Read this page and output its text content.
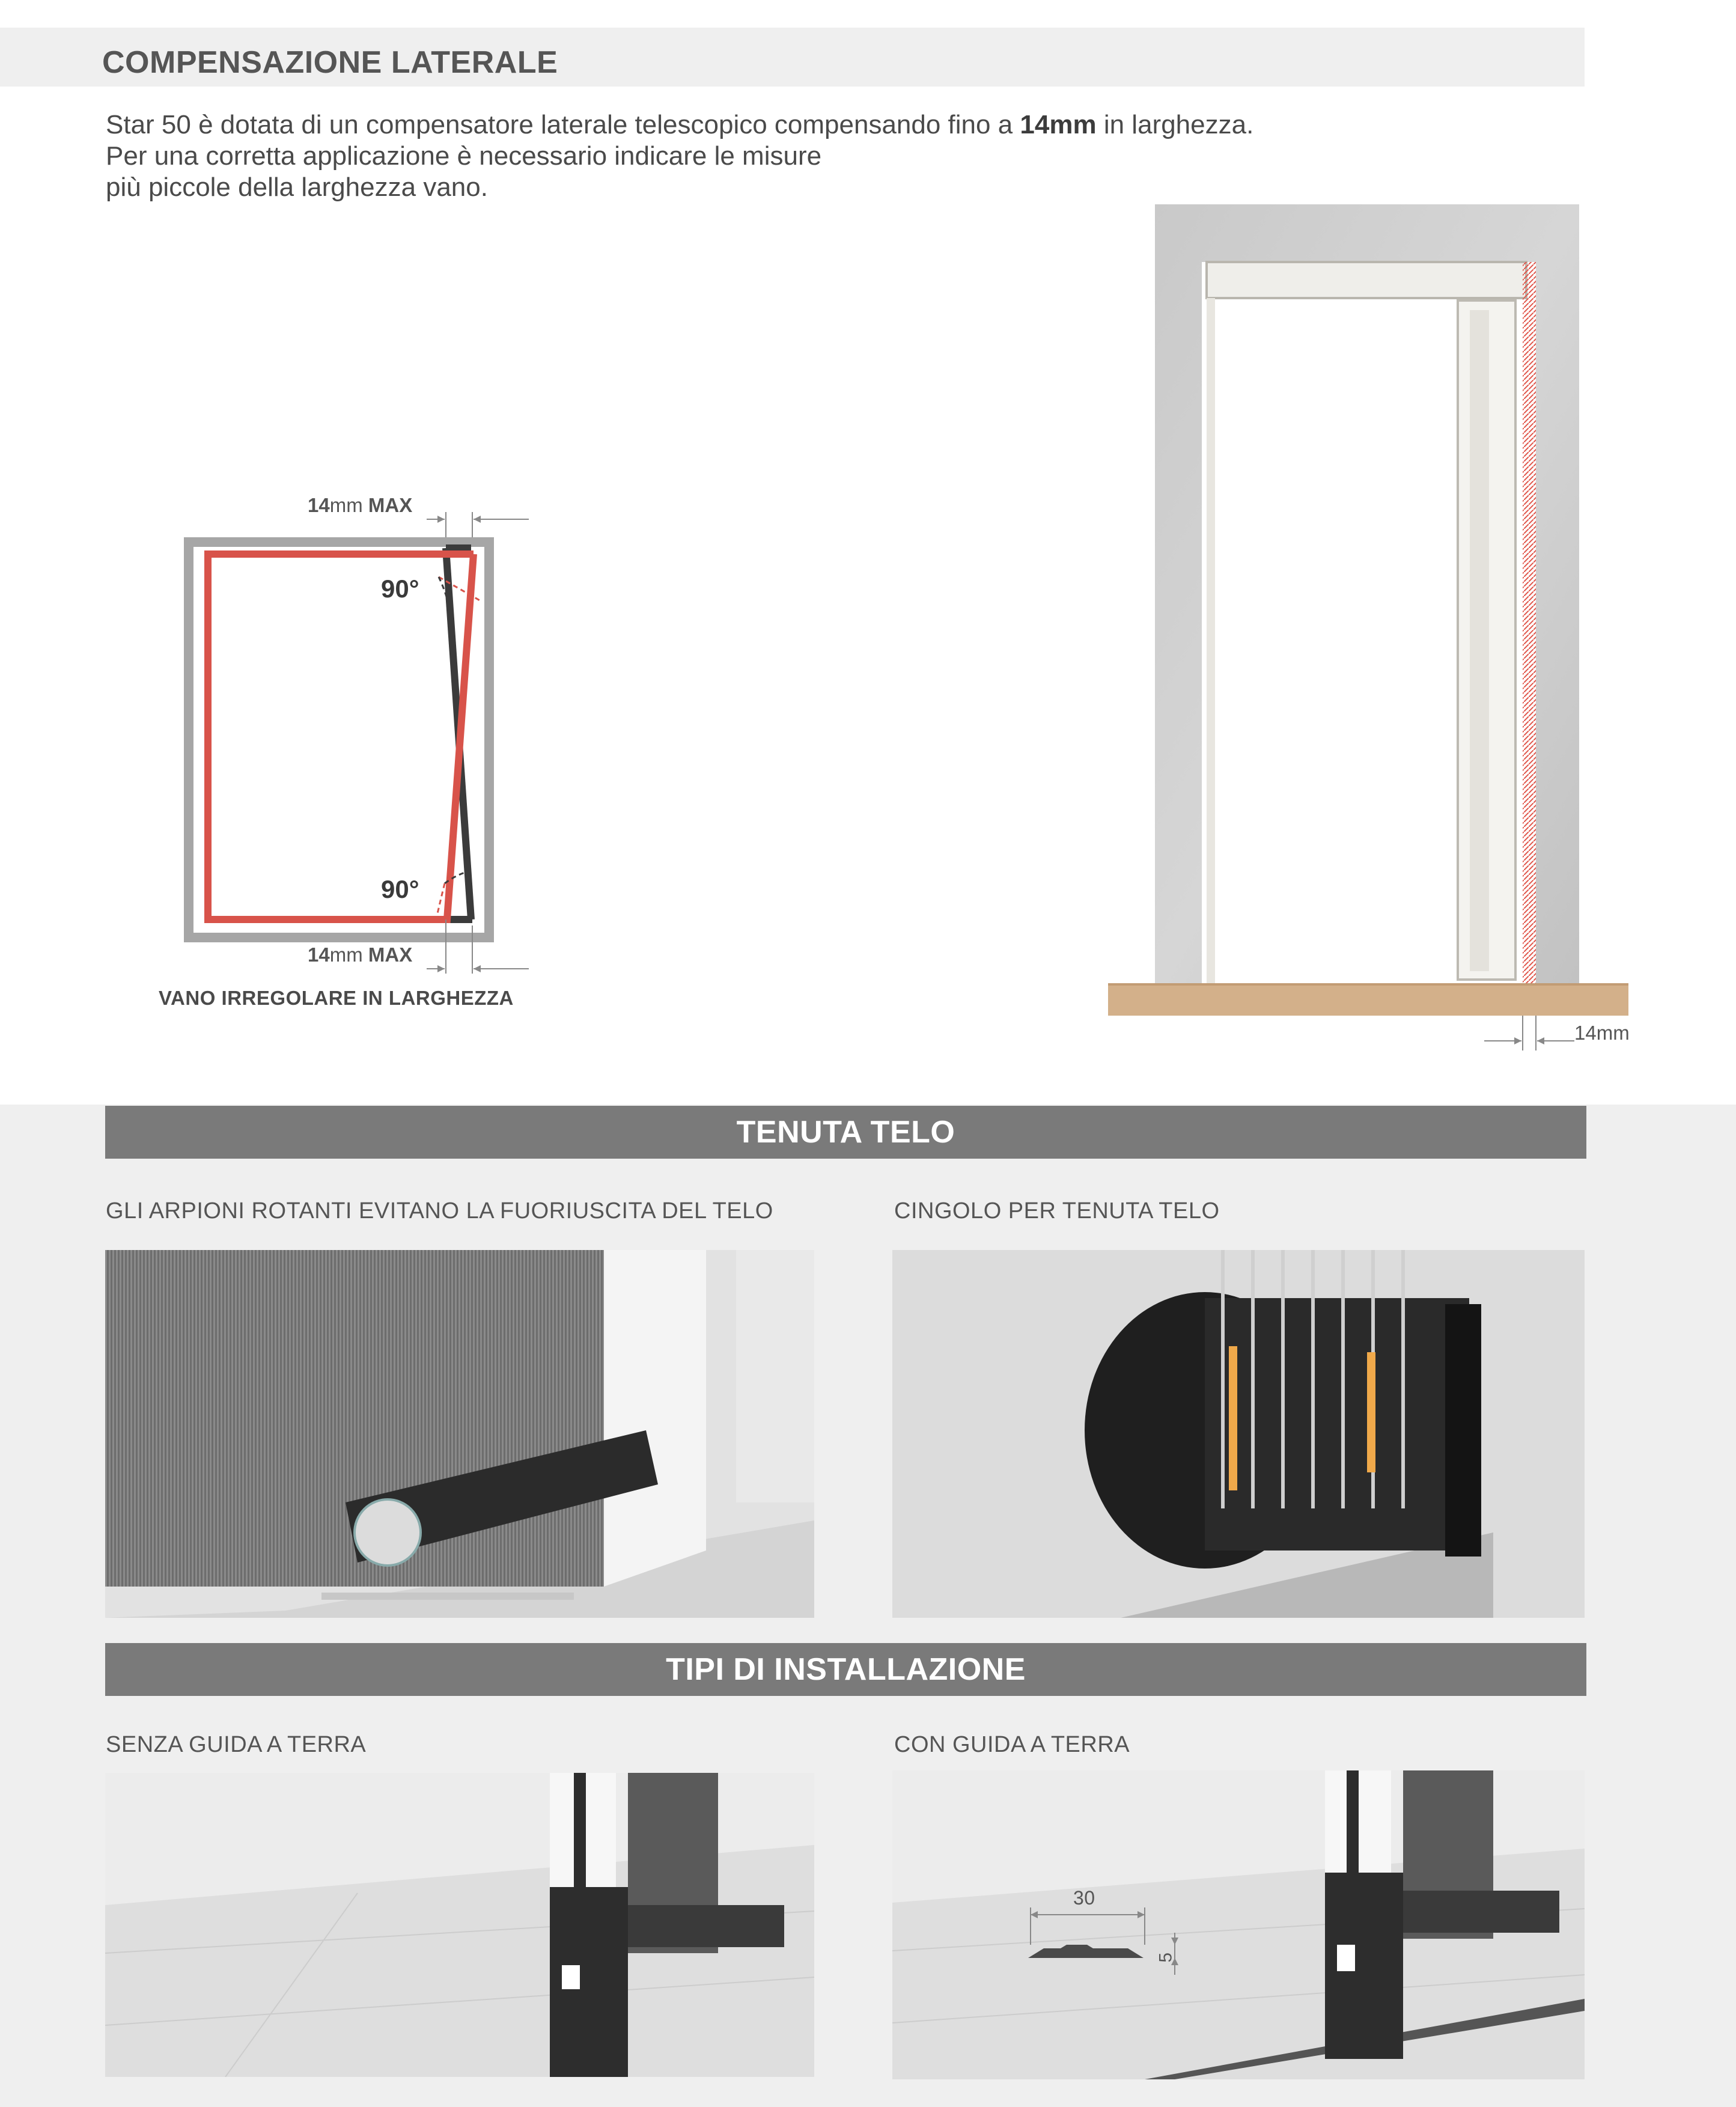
COMPENSAZIONE LATERALE
Star 50 è dotata di un compensatore laterale telescopico compensando fino a 14mm in larghezza.
Per una corretta applicazione è necessario indicare le misure
più piccole della larghezza vano.
14mm MAX
90°
90°
14mm MAX
VANO IRREGOLARE IN LARGHEZZA
14mm
TENUTA TELO
GLI ARPIONI ROTANTI EVITANO LA FUORIUSCITA DEL TELO	CINGOLO PER TENUTA TELO
TIPI DI INSTALLAZIONE
SENZA GUIDA A TERRA	CON GUIDA A TERRA
30
5
